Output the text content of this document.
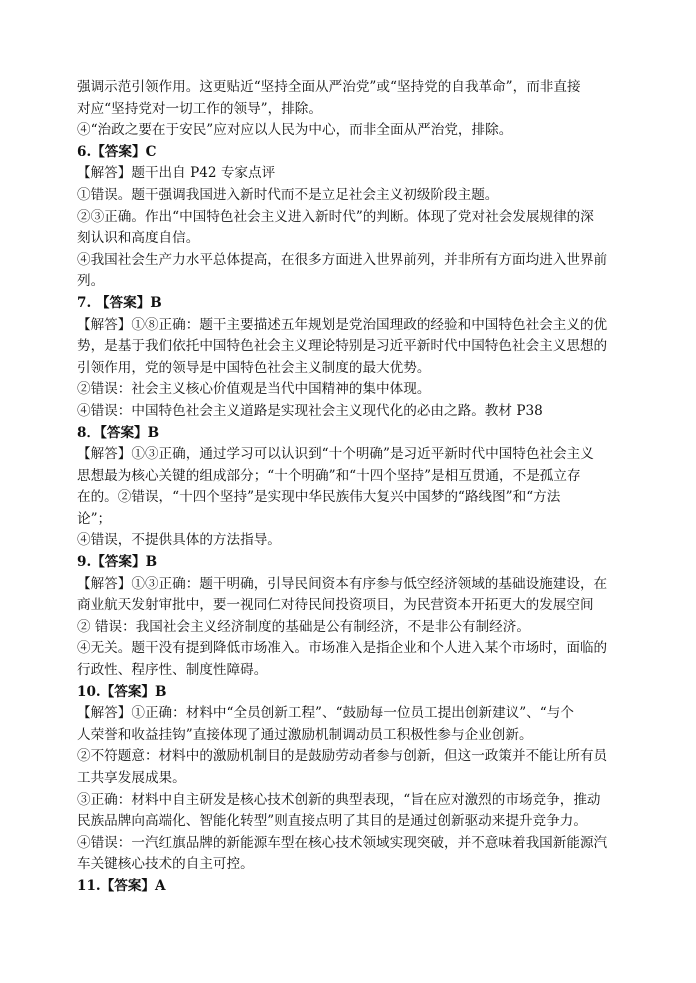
强调示范引领作用。这更贴近“坚持全面从严治党”或“坚持党的自我革命”，而非直接
对应“坚持党对一切工作的领导”，排除。
④“治政之要在于安民”应对应以人民为中心，而非全面从严治党，排除。
6.【答案】C
【解答】题干出自 P42 专家点评
①错误。题干强调我国进入新时代而不是立足社会主义初级阶段主题。
②③正确。作出“中国特色社会主义进入新时代”的判断。体现了党对社会发展规律的深
刻认识和高度自信。
④我国社会生产力水平总体提高，在很多方面进入世界前列，并非所有方面均进入世界前
列。
7. 【答案】B
【解答】①⑧正确：题干主要描述五年规划是党治国理政的经验和中国特色社会主义的优
势，是基于我们依托中国特色社会主义理论特别是习近平新时代中国特色社会主义思想的
引领作用，党的领导是中国特色社会主义制度的最大优势。
②错误：社会主义核心价值观是当代中国精神的集中体现。
④错误：中国特色社会主义道路是实现社会主义现代化的必由之路。教材 P38
8．【答案】B
【解答】①③正确，通过学习可以认识到“十个明确”是习近平新时代中国特色社会主义
思想最为核心关键的组成部分；“十个明确”和“十四个坚持”是相互贯通，不是孤立存
在的。②错误，“十四个坚持”是实现中华民族伟大复兴中国梦的“路线图”和“方法
论”；
④错误，不提供具体的方法指导。
9.【答案】B
【解答】①③正确：题干明确，引导民间资本有序参与低空经济领域的基础设施建设，在
商业航天发射审批中，要一视同仁对待民间投资项目，为民营资本开拓更大的发展空间
② 错误：我国社会主义经济制度的基础是公有制经济，不是非公有制经济。
④无关。题干没有提到降低市场准入。市场准入是指企业和个人进入某个市场时，面临的
行政性、程序性、制度性障碍。
10.【答案】B
【解答】①正确：材料中“全员创新工程”、“鼓励每一位员工提出创新建议”、“与个
人荣誉和收益挂钩”直接体现了通过激励机制调动员工积极性参与企业创新。
②不符题意：材料中的激励机制目的是鼓励劳动者参与创新，但这一政策并不能让所有员
工共享发展成果。
③正确：材料中自主研发是核心技术创新的典型表现，“旨在应对激烈的市场竞争，推动
民族品牌向高端化、智能化转型”则直接点明了其目的是通过创新驱动来提升竞争力。
④错误：一汽红旗品牌的新能源车型在核心技术领域实现突破，并不意味着我国新能源汽
车关键核心技术的自主可控。
11.【答案】A
